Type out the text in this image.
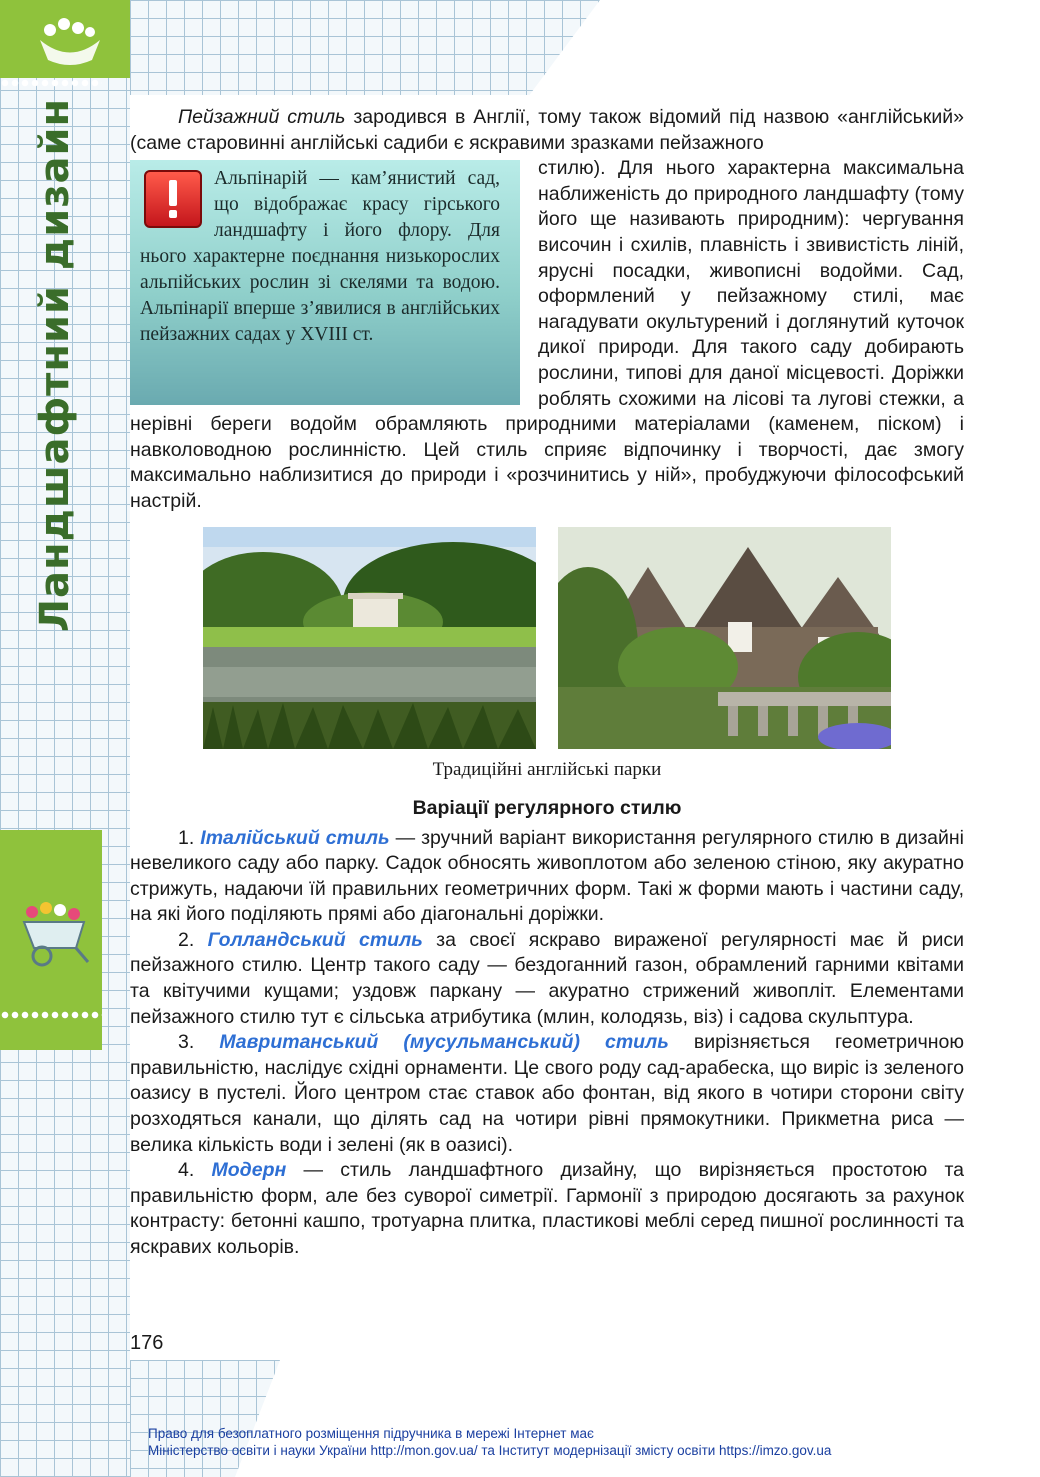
Ландшафтний дизайн	Пейзажний стиль зародився в Англії, тому також відомий під назвою «англійський» (саме старовинні англійські садиби є яскравими зразками пейзажного

Альпінарій — кам’янистий сад, що відображає красу гірського ландшафту і його флору. Для нього характерне поєднання низькорослих альпійських рослин зі скелями та водою. Альпінарії вперше з’явилися в англійських пейзажних садах у XVIII ст.

стилю). Для нього характерна максимальна наближеність до природного ландшафту (тому його ще називають природним): чергування височин і схилів, плавність і звивистість ліній, ярусні посадки, живописні водойми. Сад, оформлений у пейзажному стилі, має нагадувати окультурений і доглянутий куточок дикої природи. Для такого саду добирають рослини, типові для даної місцевості. Доріжки роблять схожими на лісові та лугові стежки, а нерівні береги водойм обрамляють природними матеріалами (каменем, піском) і навколоводною рослинністю. Цей стиль сприяє відпочинку і творчості, дає змогу максимально наблизитися до природи і «розчинитись у ній», пробуджуючи філософський настрій.

Традиційні англійські парки
Варіації регулярного стилю

1. Італійський стиль — зручний варіант використання регулярного стилю в дизайні невеликого саду або парку. Садок обносять живоплотом або зеленою стіною, яку акуратно стрижуть, надаючи їй правильних геометричних форм. Такі ж форми мають і частини саду, на які його поділяють прямі або діагональні доріжки.

2. Голландський стиль за своєї яскраво вираженої регулярності має й риси пейзажного стилю. Центр такого саду — бездоганний газон, обрамлений гарними квітами та квітучими кущами; уздовж паркану — акуратно стрижений живопліт. Елементами пейзажного стилю тут є сільська атрибутика (млин, колодязь, віз) і садова скульптура.

3. Мавританський (мусульманський) стиль вирізняється геометричною правильністю, наслідує східні орнаменти. Це свого роду сад-арабеска, що виріс із зеленого оазису в пустелі. Його центром стає ставок або фонтан, від якого в чотири сторони світу розходяться канали, що ділять сад на чотири рівні прямокутники. Прикметна риса — велика кількість води і зелені (як в оазисі).

4. Модерн — стиль ландшафтного дизайну, що вирізняється простотою та правильністю форм, але без суворої симетрії. Гармонії з природою досягають за рахунок контрасту: бетонні кашпо, тротуарна плитка, пластикові меблі серед пишної рослинності та яскравих кольорів.

176
Право для безоплатного розміщення підручника в мережі Інтернет має
Міністерство освіти і науки України http://mon.gov.ua/ та Інститут модернізації змісту освіти https://imzo.gov.ua
